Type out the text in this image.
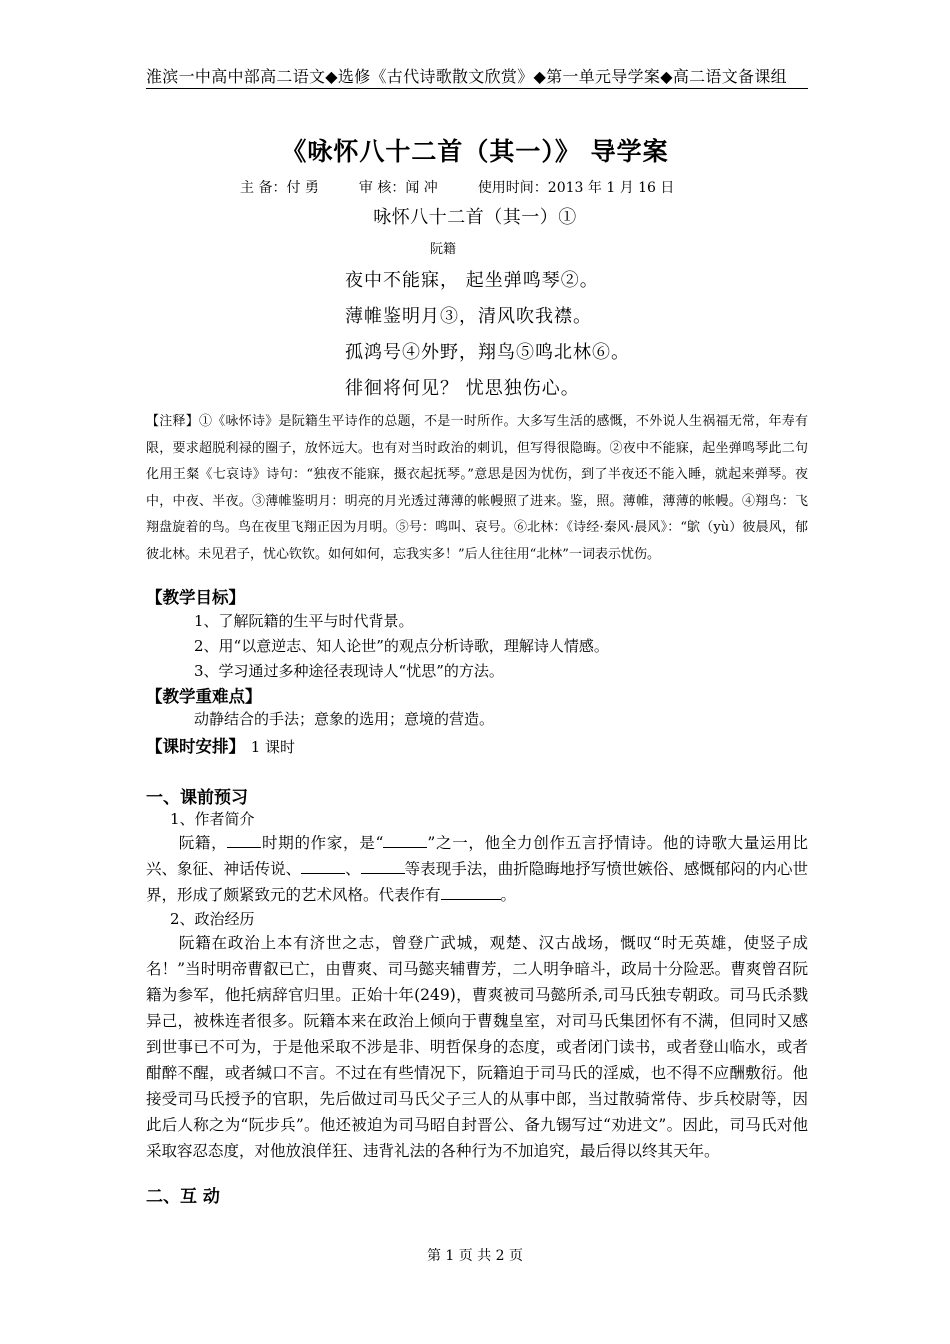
淮滨一中高中部高二语文◆选修《古代诗歌散文欣赏》◆第一单元导学案◆高二语文备课组
《咏怀八十二首（其一）》 导学案
主 备：付 勇	审 核：闻 冲	使用时间：2013 年 1 月 16 日
咏怀八十二首（其一）①
阮籍
夜中不能寐， 起坐弹鸣琴②。
薄帷鉴明月③，清风吹我襟。
孤鸿号④外野，翔鸟⑤鸣北林⑥。
徘徊将何见？ 忧思独伤心。
【注释】①《咏怀诗》是阮籍生平诗作的总题，不是一时所作。大多写生活的感慨，不外说人生祸福无常，年寿有限，要求超脱利禄的圈子，放怀远大。也有对当时政治的刺讥，但写得很隐晦。②夜中不能寐，起坐弹鸣琴此二句化用王粲《七哀诗》诗句：“独夜不能寐，摄衣起抚琴。”意思是因为忧伤，到了半夜还不能入睡，就起来弹琴。夜中，中夜、半夜。③薄帷鉴明月：明亮的月光透过薄薄的帐幔照了进来。鉴，照。薄帷，薄薄的帐幔。④翔鸟：飞翔盘旋着的鸟。鸟在夜里飞翔正因为月明。⑤号：鸣叫、哀号。⑥北林：《诗经·秦风·晨风》：“鴥（yù）彼晨风，郁彼北林。未见君子，忧心钦钦。如何如何，忘我实多！”后人往往用“北林”一词表示忧伤。
【教学目标】
1、了解阮籍的生平与时代背景。
2、用“以意逆志、知人论世”的观点分析诗歌，理解诗人情感。
3、学习通过多种途径表现诗人“忧思”的方法。
【教学重难点】
动静结合的手法；意象的选用；意境的营造。
【课时安排】 1 课时
一、课前预习
1、作者简介
阮籍， 时期的作家，是“	”之一，他全力创作五言抒情诗。他的诗歌大量运用比兴、象征、神话传说、	、	等表现手法，曲折隐晦地抒写愤世嫉俗、感慨郁闷的内心世界，形成了颇紧致元的艺术风格。代表作有	。
2、政治经历
阮籍在政治上本有济世之志，曾登广武城，观楚、汉古战场，慨叹“时无英雄，使竖子成名！”当时明帝曹叡已亡，由曹爽、司马懿夹辅曹芳，二人明争暗斗，政局十分险恶。曹爽曾召阮籍为参军，他托病辞官归里。正始十年(249)，曹爽被司马懿所杀,司马氏独专朝政。司马氏杀戮异己，被株连者很多。阮籍本来在政治上倾向于曹魏皇室，对司马氏集团怀有不满，但同时又感到世事已不可为，于是他采取不涉是非、明哲保身的态度，或者闭门读书，或者登山临水，或者酣醉不醒，或者缄口不言。不过在有些情况下，阮籍迫于司马氏的淫威，也不得不应酬敷衍。他接受司马氏授予的官职，先后做过司马氏父子三人的从事中郎，当过散骑常侍、步兵校尉等，因此后人称之为“阮步兵”。他还被迫为司马昭自封晋公、备九锡写过“劝进文”。因此，司马氏对他采取容忍态度，对他放浪佯狂、违背礼法的各种行为不加追究，最后得以终其天年。
二、互 动
第 1 页 共 2 页
